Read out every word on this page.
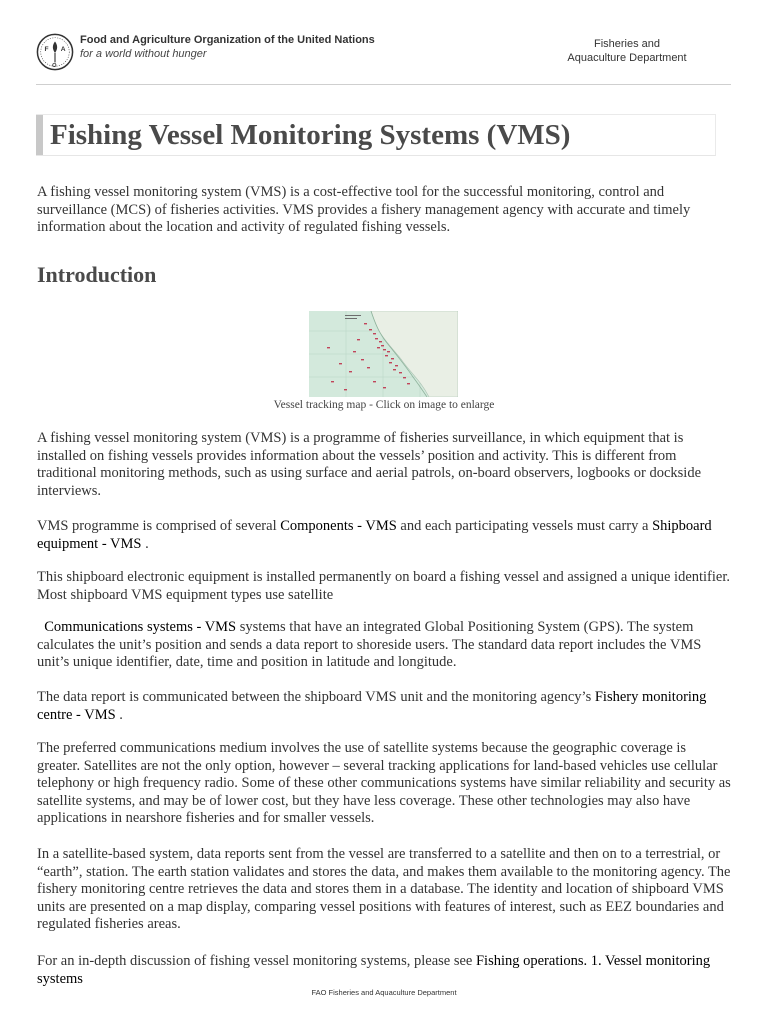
F A
O
Food and Agriculture Organization of the United Nations
for a world without hunger
Fisheries and
Aquaculture Department
Fishing Vessel Monitoring Systems (VMS)

A fishing vessel monitoring system (VMS) is a cost-effective tool for the successful monitoring, control and surveillance (MCS) of fisheries activities. VMS provides a fishery management agency with accurate and timely information about the location and activity of regulated fishing vessels.

Introduction
Vessel tracking map - Click on image to enlarge

A fishing vessel monitoring system (VMS) is a programme of fisheries surveillance, in which equipment that is installed on fishing vessels provides information about the vessels’ position and activity. This is different from traditional monitoring methods, such as using surface and aerial patrols, on-board observers, logbooks or dockside interviews.

VMS programme is comprised of several Components - VMS and each participating vessels must carry a Shipboard equipment - VMS .

This shipboard electronic equipment is installed permanently on board a fishing vessel and assigned a unique identifier. Most shipboard VMS equipment types use satellite

Communications systems - VMS systems that have an integrated Global Positioning System (GPS). The system calculates the unit’s position and sends a data report to shoreside users. The standard data report includes the VMS unit’s unique identifier, date, time and position in latitude and longitude.

The data report is communicated between the shipboard VMS unit and the monitoring agency’s Fishery monitoring centre - VMS .

The preferred communications medium involves the use of satellite systems because the geographic coverage is greater. Satellites are not the only option, however – several tracking applications for land-based vehicles use cellular telephony or high frequency radio. Some of these other communications systems have similar reliability and security as satellite systems, and may be of lower cost, but they have less coverage. These other technologies may also have applications in nearshore fisheries and for smaller vessels.

In a satellite-based system, data reports sent from the vessel are transferred to a satellite and then on to a terrestrial, or “earth”, station. The earth station validates and stores the data, and makes them available to the monitoring agency. The fishery monitoring centre retrieves the data and stores them in a database. The identity and location of shipboard VMS units are presented on a map display, comparing vessel positions with features of interest, such as EEZ boundaries and regulated fisheries areas.

For an in-depth discussion of fishing vessel monitoring systems, please see Fishing operations. 1. Vessel monitoring systems

FAO Fisheries and Aquaculture Department
